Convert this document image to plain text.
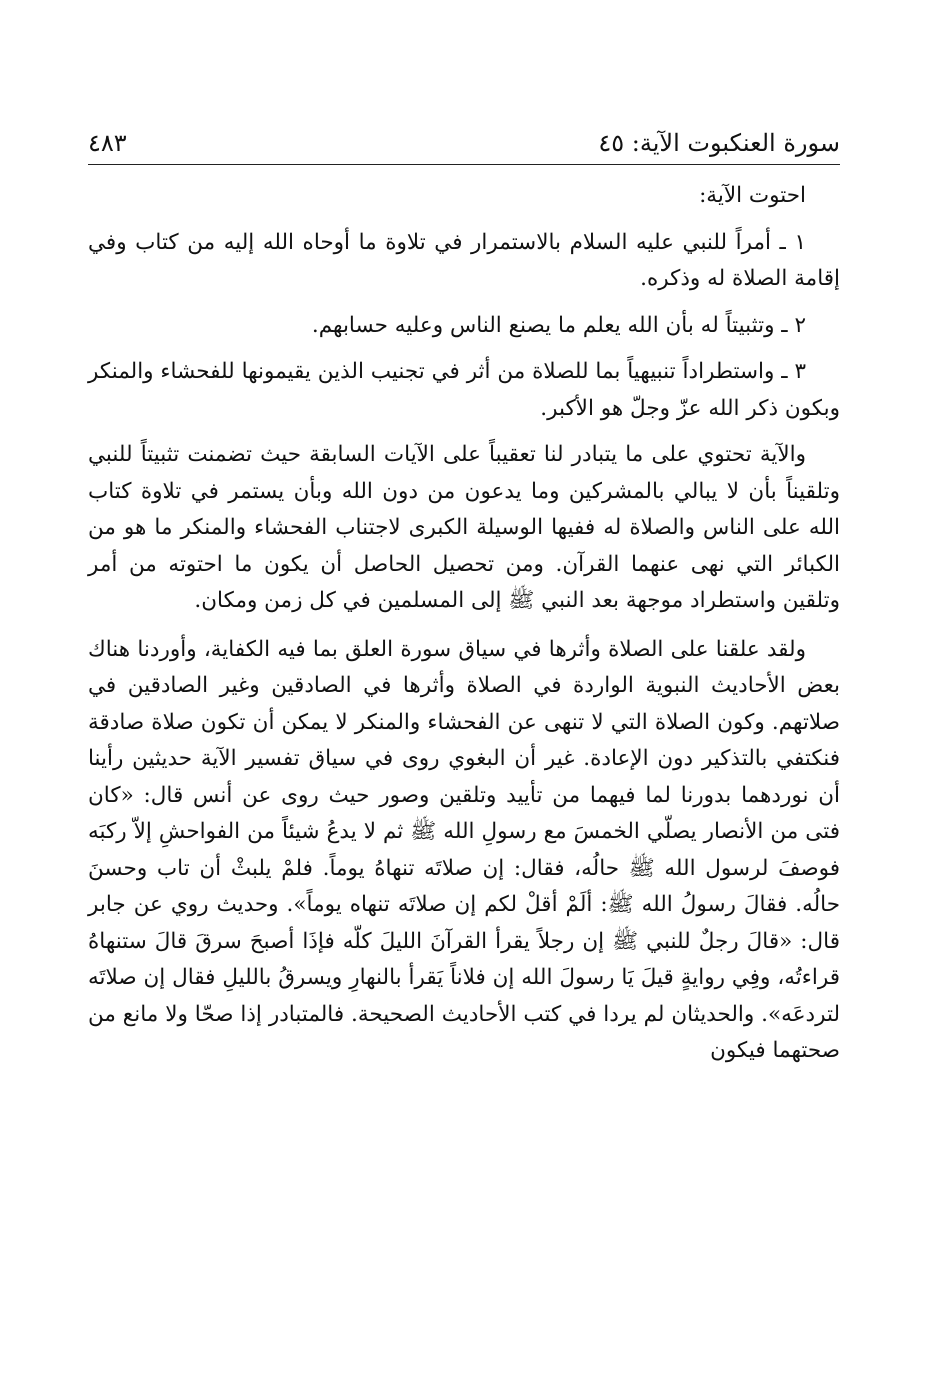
سورة العنكبوت الآية: ٤٥
٤٨٣

احتوت الآية:

١ ـ أمراً للنبي عليه السلام بالاستمرار في تلاوة ما أوحاه الله إليه من كتاب وفي إقامة الصلاة له وذكره.

٢ ـ وتثبيتاً له بأن الله يعلم ما يصنع الناس وعليه حسابهم.

٣ ـ واستطراداً تنبيهياً بما للصلاة من أثر في تجنيب الذين يقيمونها للفحشاء والمنكر وبكون ذكر الله عزّ وجلّ هو الأكبر.

والآية تحتوي على ما يتبادر لنا تعقيباً على الآيات السابقة حيث تضمنت تثبيتاً للنبي وتلقيناً بأن لا يبالي بالمشركين وما يدعون من دون الله وبأن يستمر في تلاوة كتاب الله على الناس والصلاة له ففيها الوسيلة الكبرى لاجتناب الفحشاء والمنكر ما هو من الكبائر التي نهى عنهما القرآن. ومن تحصيل الحاصل أن يكون ما احتوته من أمر وتلقين واستطراد موجهة بعد النبي ﷺ إلى المسلمين في كل زمن ومكان.

ولقد علقنا على الصلاة وأثرها في سياق سورة العلق بما فيه الكفاية، وأوردنا هناك بعض الأحاديث النبوية الواردة في الصلاة وأثرها في الصادقين وغير الصادقين في صلاتهم. وكون الصلاة التي لا تنهى عن الفحشاء والمنكر لا يمكن أن تكون صلاة صادقة فنكتفي بالتذكير دون الإعادة. غير أن البغوي روى في سياق تفسير الآية حديثين رأينا أن نوردهما بدورنا لما فيهما من تأييد وتلقين وصور حيث روى عن أنس قال: «كان فتى من الأنصار يصلّي الخمسَ مع رسولِ الله ﷺ ثم لا يدعُ شيئاً من الفواحشِ إلاّ ركبَه فوصفَ لرسول الله ﷺ حالُه، فقال: إن صلاتَه تنهاهُ يوماً. فلمْ يلبثْ أن تاب وحسنَ حالُه. فقالَ رسولُ الله ﷺ: ألَمْ أقلْ لكم إن صلاتَه تنهاه يوماً». وحديث روي عن جابر قال: «قالَ رجلٌ للنبي ﷺ إن رجلاً يقرأ القرآنَ الليلَ كلّه فإذَا أصبحَ سرقَ قالَ ستنهاهُ قراءتُه، وفِي روايةٍ قيلَ يَا رسولَ الله إن فلاناً يَقرأ بالنهارِ ويسرقُ بالليلِ فقال إن صلاتَه لتردعَه». والحديثان لم يردا في كتب الأحاديث الصحيحة. فالمتبادر إذا صحّا ولا مانع من صحتهما فيكون
